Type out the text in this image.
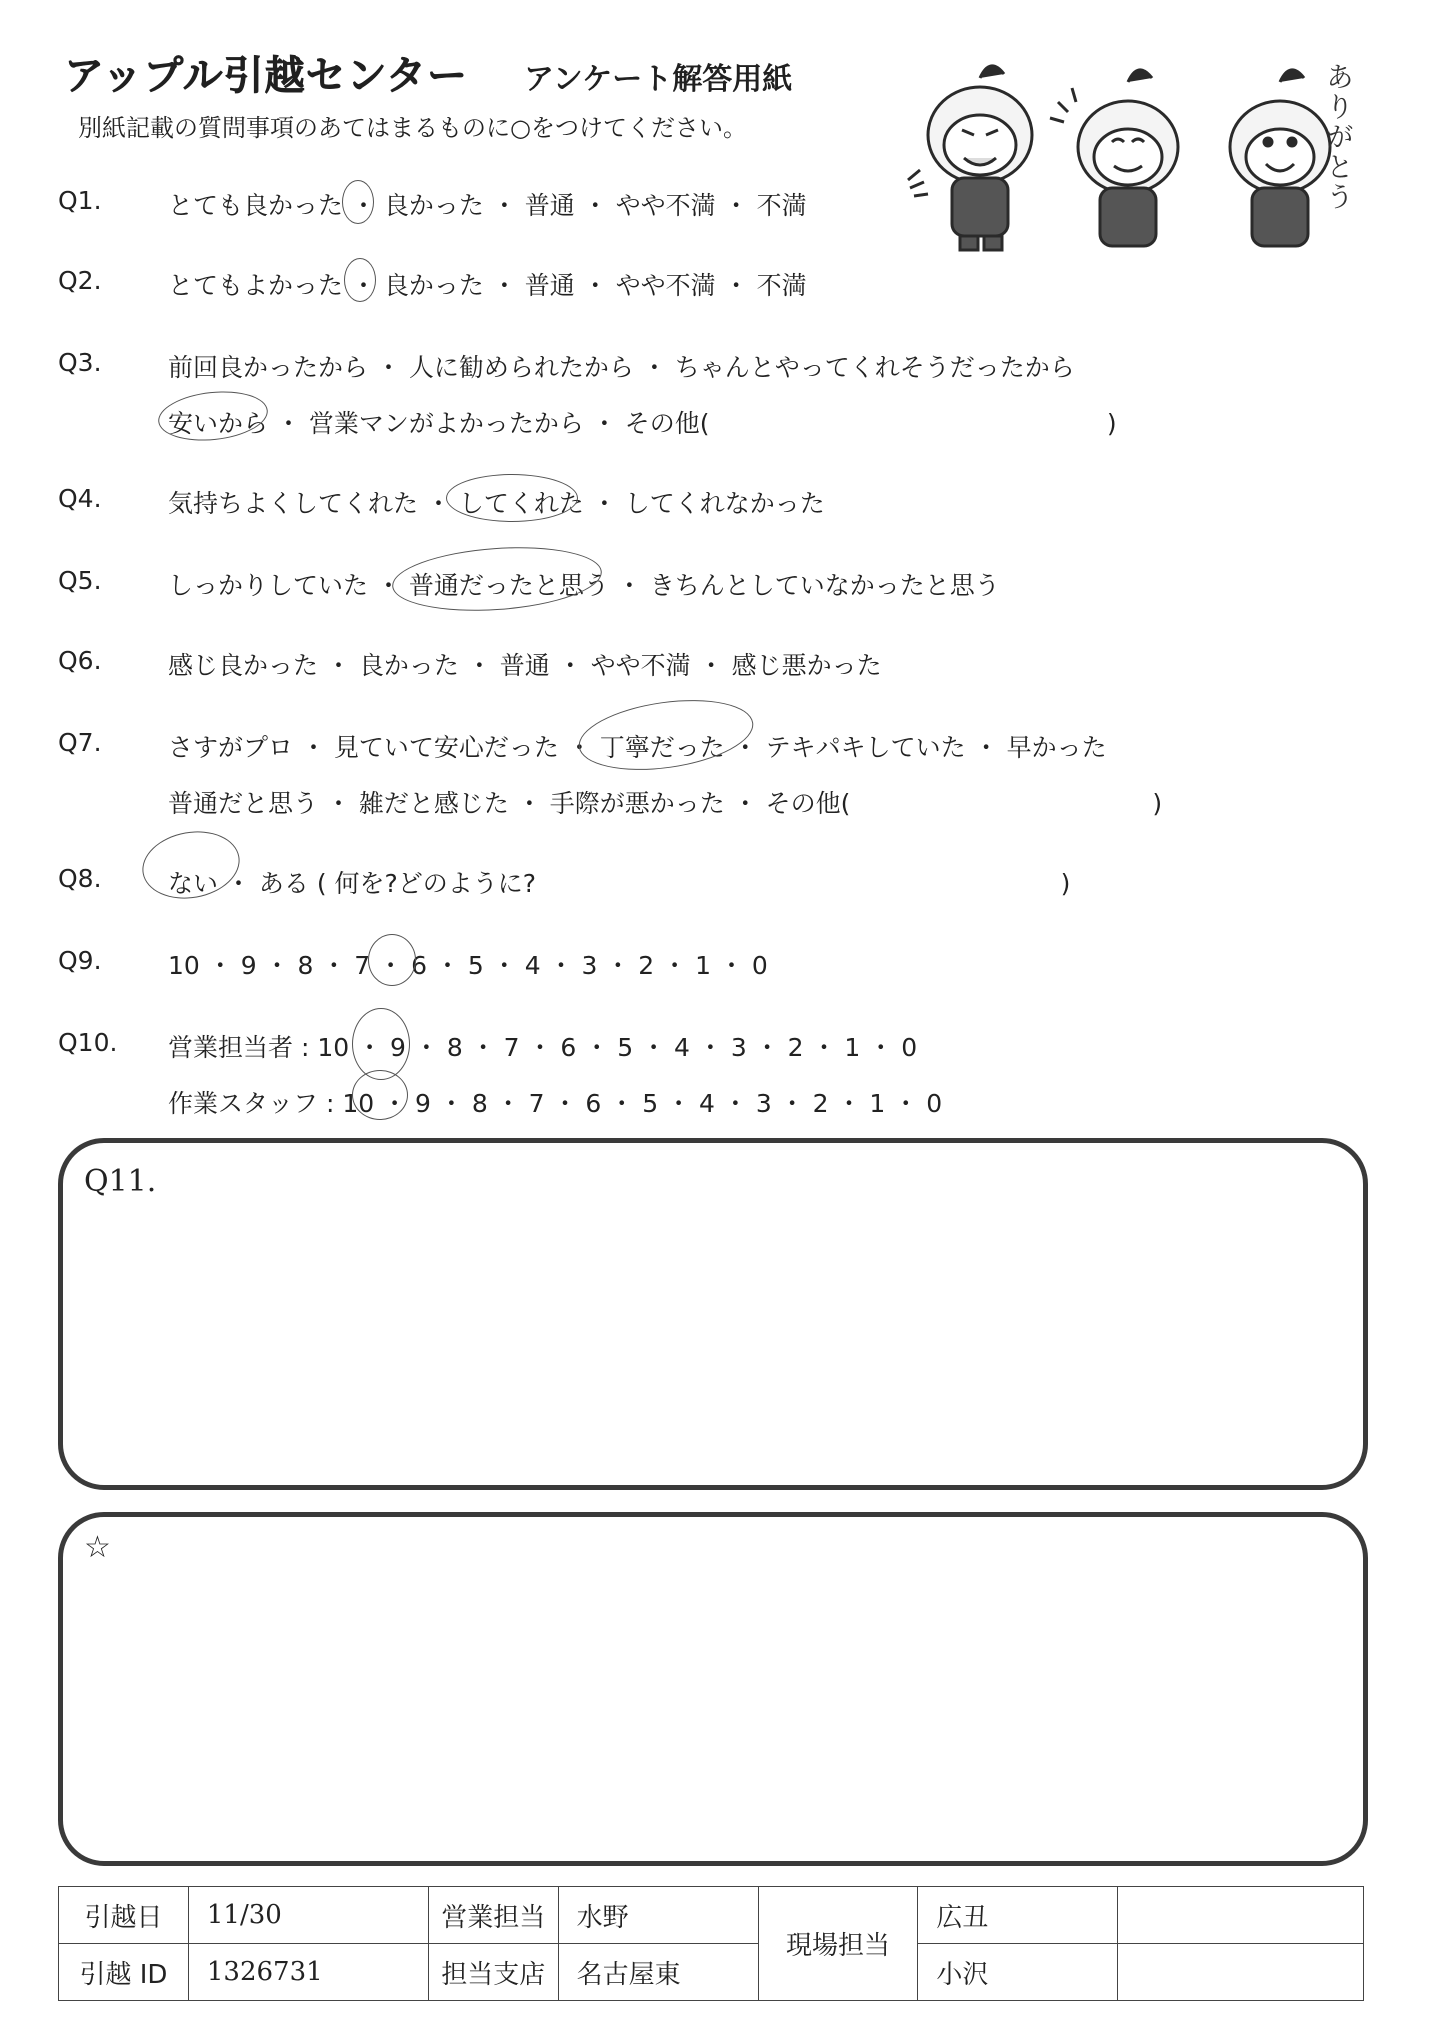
アップル引越センター アンケート解答用紙
別紙記載の質問事項のあてはまるものに○をつけてください。	ありがとう
Q1.	とても良かった ・ 良かった ・ 普通 ・ やや不満 ・ 不満
Q2.	とてもよかった ・ 良かった ・ 普通 ・ やや不満 ・ 不満
Q3.	前回良かったから ・ 人に勧められたから ・ ちゃんとやってくれそうだったから
安いから ・ 営業マンがよかったから ・ その他(                                                  )
Q4.	気持ちよくしてくれた ・ してくれた ・ してくれなかった
Q5.	しっかりしていた ・ 普通だったと思う ・ きちんとしていなかったと思う
Q6.	感じ良かった ・ 良かった ・ 普通 ・ やや不満 ・ 感じ悪かった
Q7.	さすがプロ ・ 見ていて安心だった ・ 丁寧だった ・ テキパキしていた ・ 早かった
普通だと思う ・ 雑だと感じた ・ 手際が悪かった ・ その他(                                      )
Q8.	ない ・ ある ( 何を?どのように?                                                                  )
Q9.	10 ・ 9 ・ 8 ・ 7 ・ 6 ・ 5 ・ 4 ・ 3 ・ 2 ・ 1 ・ 0
Q10. 営業担当者 : 10 ・ 9 ・ 8 ・ 7 ・ 6 ・ 5 ・ 4 ・ 3 ・ 2 ・ 1 ・ 0
作業スタッフ : 10 ・ 9 ・ 8 ・ 7 ・ 6 ・ 5 ・ 4 ・ 3 ・ 2 ・ 1 ・ 0
Q11.
☆
引越日	11/30	営業担当	水野	現場担当	広丑	
引越 ID	1326731	担当支店	名古屋東		小沢	
